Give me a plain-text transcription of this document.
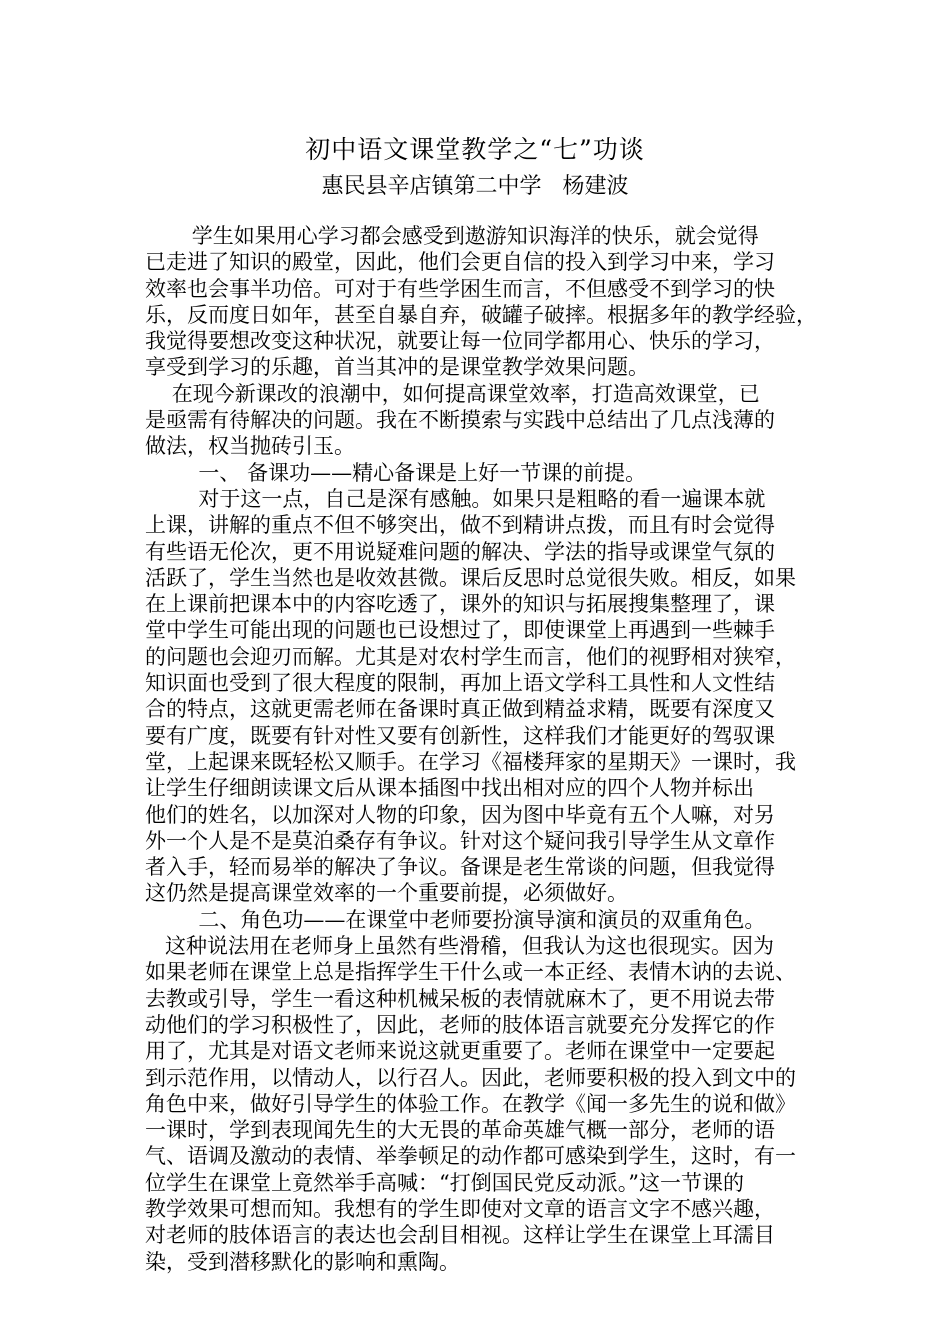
初中语文课堂教学之“七”功谈
惠民县辛店镇第二中学   杨建波
学生如果用心学习都会感受到遨游知识海洋的快乐，就会觉得
已走进了知识的殿堂，因此，他们会更自信的投入到学习中来，学习
效率也会事半功倍。可对于有些学困生而言，不但感受不到学习的快
乐，反而度日如年，甚至自暴自弃，破罐子破摔。根据多年的教学经验，
我觉得要想改变这种状况，就要让每一位同学都用心、快乐的学习，
享受到学习的乐趣，首当其冲的是课堂教学效果问题。
在现今新课改的浪潮中，如何提高课堂效率，打造高效课堂，已
是亟需有待解决的问题。我在不断摸索与实践中总结出了几点浅薄的
做法，权当抛砖引玉。
一、 备课功——精心备课是上好一节课的前提。
对于这一点，自己是深有感触。如果只是粗略的看一遍课本就
上课，讲解的重点不但不够突出，做不到精讲点拨，而且有时会觉得
有些语无伦次，更不用说疑难问题的解决、学法的指导或课堂气氛的
活跃了，学生当然也是收效甚微。课后反思时总觉很失败。相反，如果
在上课前把课本中的内容吃透了，课外的知识与拓展搜集整理了，课
堂中学生可能出现的问题也已设想过了，即使课堂上再遇到一些棘手
的问题也会迎刃而解。尤其是对农村学生而言，他们的视野相对狭窄，
知识面也受到了很大程度的限制，再加上语文学科工具性和人文性结
合的特点，这就更需老师在备课时真正做到精益求精，既要有深度又
要有广度，既要有针对性又要有创新性，这样我们才能更好的驾驭课
堂，上起课来既轻松又顺手。在学习《福楼拜家的星期天》一课时，我
让学生仔细朗读课文后从课本插图中找出相对应的四个人物并标出
他们的姓名，以加深对人物的印象，因为图中毕竟有五个人嘛，对另
外一个人是不是莫泊桑存有争议。针对这个疑问我引导学生从文章作
者入手，轻而易举的解决了争议。备课是老生常谈的问题，但我觉得
这仍然是提高课堂效率的一个重要前提，必须做好。
二、角色功——在课堂中老师要扮演导演和演员的双重角色。
这种说法用在老师身上虽然有些滑稽，但我认为这也很现实。因为
如果老师在课堂上总是指挥学生干什么或一本正经、表情木讷的去说、
去教或引导，学生一看这种机械呆板的表情就麻木了，更不用说去带
动他们的学习积极性了，因此，老师的肢体语言就要充分发挥它的作
用了，尤其是对语文老师来说这就更重要了。老师在课堂中一定要起
到示范作用，以情动人，以行召人。因此，老师要积极的投入到文中的
角色中来，做好引导学生的体验工作。在教学《闻一多先生的说和做》
一课时，学到表现闻先生的大无畏的革命英雄气概一部分，老师的语
气、语调及激动的表情、举拳顿足的动作都可感染到学生，这时，有一
位学生在课堂上竟然举手高喊：“打倒国民党反动派。”这一节课的
教学效果可想而知。我想有的学生即使对文章的语言文字不感兴趣，
对老师的肢体语言的表达也会刮目相视。这样让学生在课堂上耳濡目
染，受到潜移默化的影响和熏陶。
